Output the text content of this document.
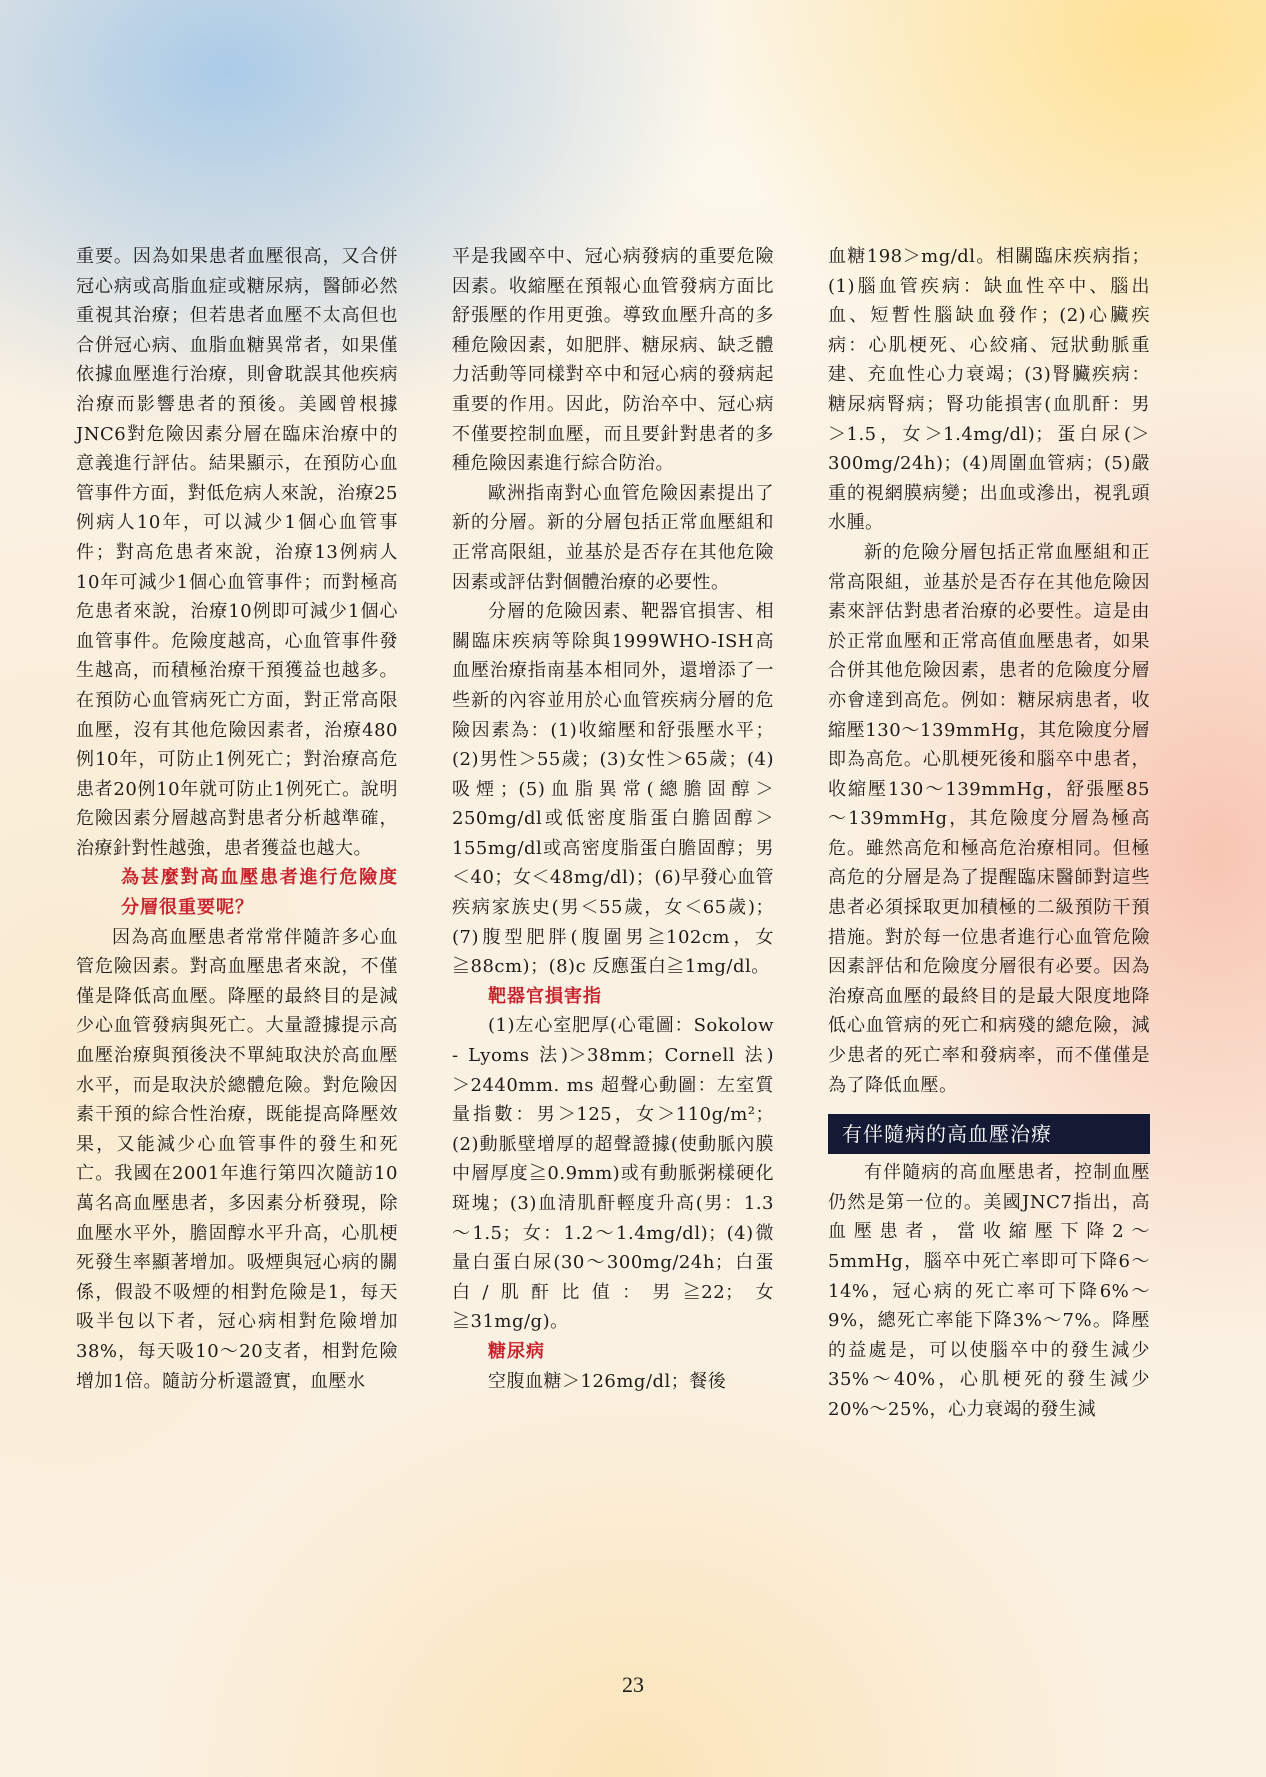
重要。因為如果患者血壓很高，又合併冠心病或高脂血症或糖尿病，醫師必然重視其治療；但若患者血壓不太高但也合併冠心病、血脂血糖異常者，如果僅依據血壓進行治療，則會耽誤其他疾病治療而影響患者的預後。美國曾根據JNC6對危險因素分層在臨床治療中的意義進行評估。結果顯示，在預防心血管事件方面，對低危病人來說，治療25例病人10年，可以減少1個心血管事件；對高危患者來說，治療13例病人10年可減少1個心血管事件；而對極高危患者來說，治療10例即可減少1個心血管事件。危險度越高，心血管事件發生越高，而積極治療干預獲益也越多。在預防心血管病死亡方面，對正常高限血壓，沒有其他危險因素者，治療480例10年，可防止1例死亡；對治療高危患者20例10年就可防止1例死亡。說明危險因素分層越高對患者分析越準確，治療針對性越強，患者獲益也越大。

為甚麼對高血壓患者進行危險度分層很重要呢？

因為高血壓患者常常伴隨許多心血管危險因素。對高血壓患者來說，不僅僅是降低高血壓。降壓的最終目的是減少心血管發病與死亡。大量證據提示高血壓治療與預後決不單純取決於高血壓水平，而是取決於總體危險。對危險因素干預的綜合性治療，既能提高降壓效果，又能減少心血管事件的發生和死亡。我國在2001年進行第四次隨訪10萬名高血壓患者，多因素分析發現，除血壓水平外，膽固醇水平升高，心肌梗死發生率顯著增加。吸煙與冠心病的關係，假設不吸煙的相對危險是1，每天吸半包以下者，冠心病相對危險增加38%，每天吸10～20支者，相對危險增加1倍。隨訪分析還證實，血壓水

平是我國卒中、冠心病發病的重要危險因素。收縮壓在預報心血管發病方面比舒張壓的作用更強。導致血壓升高的多種危險因素，如肥胖、糖尿病、缺乏體力活動等同樣對卒中和冠心病的發病起重要的作用。因此，防治卒中、冠心病不僅要控制血壓，而且要針對患者的多種危險因素進行綜合防治。

歐洲指南對心血管危險因素提出了新的分層。新的分層包括正常血壓組和正常高限組，並基於是否存在其他危險因素或評估對個體治療的必要性。

分層的危險因素、靶器官損害、相關臨床疾病等除與1999WHO-ISH高血壓治療指南基本相同外，還增添了一些新的內容並用於心血管疾病分層的危險因素為：(1)收縮壓和舒張壓水平；(2)男性＞55歲；(3)女性＞65歲；(4)吸煙；(5)血脂異常(總膽固醇＞250mg/dl或低密度脂蛋白膽固醇＞155mg/dl或高密度脂蛋白膽固醇；男＜40；女＜48mg/dl)；(6)早發心血管疾病家族史(男＜55歲，女＜65歲)；(7)腹型肥胖(腹圍男≧102cm，女≧88cm)；(8)c 反應蛋白≧1mg/dl。

靶器官損害指

(1)左心室肥厚(心電圖：Sokolow - Lyoms 法)＞38mm；Cornell 法)＞2440mm. ms 超聲心動圖：左室質量指數：男＞125，女＞110g/m²；(2)動脈壁增厚的超聲證據(使動脈內膜中層厚度≧0.9mm)或有動脈粥樣硬化斑塊；(3)血清肌酐輕度升高(男：1.3～1.5；女：1.2～1.4mg/dl)；(4)微量白蛋白尿(30～300mg/24h；白蛋白/肌酐比值：男≧22；女≧31mg/g)。

糖尿病

空腹血糖＞126mg/dl；餐後

血糖198＞mg/dl。相關臨床疾病指；(1)腦血管疾病：缺血性卒中、腦出血、短暫性腦缺血發作；(2)心臟疾病：心肌梗死、心絞痛、冠狀動脈重建、充血性心力衰竭；(3)腎臟疾病：糖尿病腎病；腎功能損害(血肌酐：男＞1.5，女＞1.4mg/dl)；蛋白尿(＞300mg/24h)；(4)周圍血管病；(5)嚴重的視網膜病變；出血或滲出，視乳頭水腫。

新的危險分層包括正常血壓組和正常高限組，並基於是否存在其他危險因素來評估對患者治療的必要性。這是由於正常血壓和正常高值血壓患者，如果合併其他危險因素，患者的危險度分層亦會達到高危。例如：糖尿病患者，收縮壓130～139mmHg，其危險度分層即為高危。心肌梗死後和腦卒中患者，收縮壓130～139mmHg，舒張壓85～139mmHg，其危險度分層為極高危。雖然高危和極高危治療相同。但極高危的分層是為了提醒臨床醫師對這些患者必須採取更加積極的二級預防干預措施。對於每一位患者進行心血管危險因素評估和危險度分層很有必要。因為治療高血壓的最終目的是最大限度地降低心血管病的死亡和病殘的總危險，減少患者的死亡率和發病率，而不僅僅是為了降低血壓。

有伴隨病的高血壓治療

有伴隨病的高血壓患者，控制血壓仍然是第一位的。美國JNC7指出，高血壓患者，當收縮壓下降2～5mmHg，腦卒中死亡率即可下降6～14%，冠心病的死亡率可下降6%～9%，總死亡率能下降3%～7%。降壓的益處是，可以使腦卒中的發生減少35%～40%，心肌梗死的發生減少20%～25%，心力衰竭的發生減

23
